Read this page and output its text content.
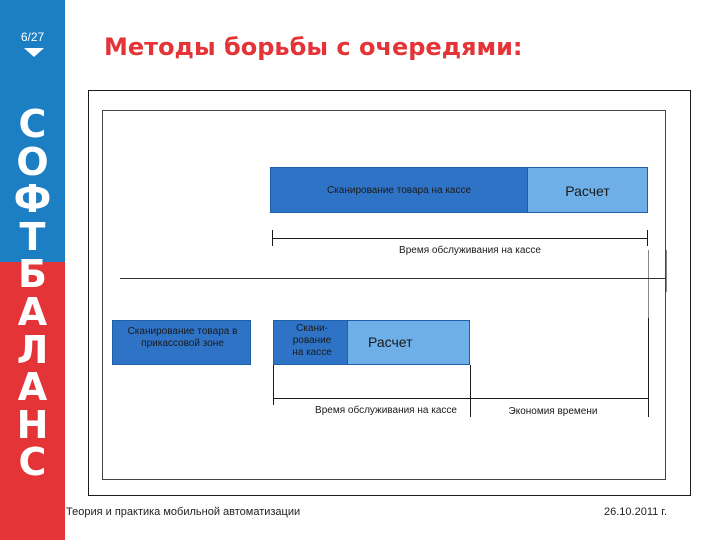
6/27
С
О
Ф
Т
Б
А
Л
А
Н
С
Методы борьбы с очередями:
Сканирование товара на кассе	Расчет
Время обслуживания на кассе
Сканирование товара в прикассовой зоне
Скани-
рование
на кассе
Расчет
Время обслуживания на кассе	Экономия времени
Теория и практика мобильной автоматизации	26.10.2011 г.
